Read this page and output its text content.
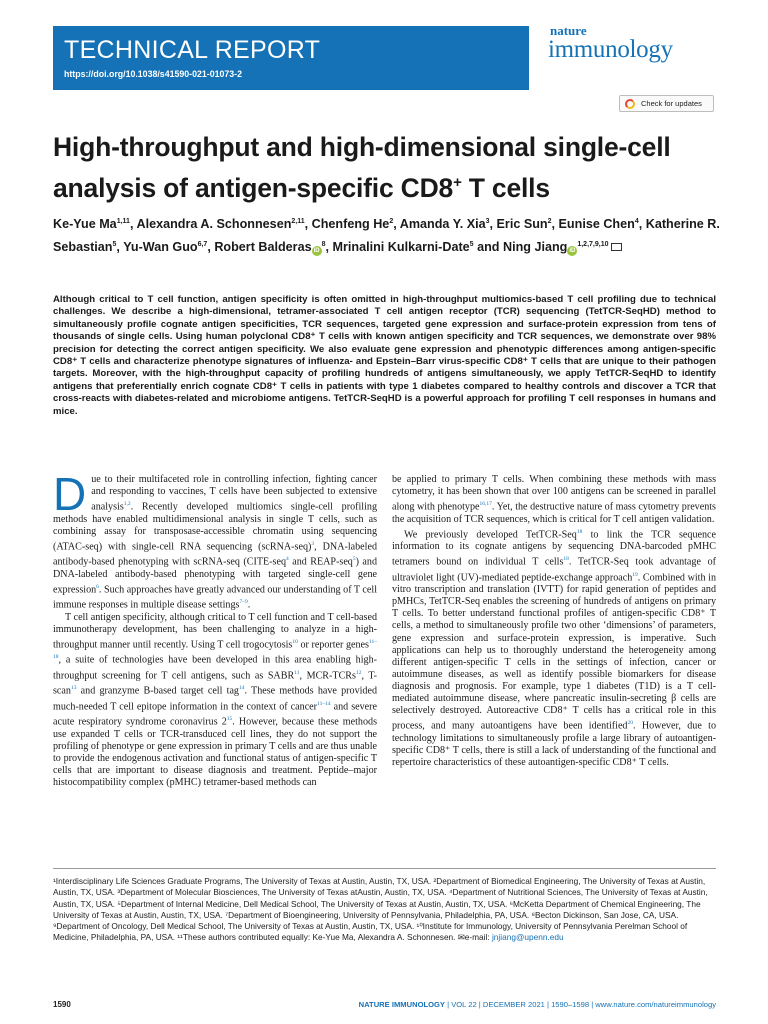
TECHNICAL REPORT
https://doi.org/10.1038/s41590-021-01073-2
nature
immunology
Check for updates
High-throughput and high-dimensional single-cell analysis of antigen-specific CD8+ T cells
Ke-Yue Ma$^{1,11}$, Alexandra A. Schonnesen$^{2,11}$, Chenfeng He$^2$, Amanda Y. Xia$^3$, Eric Sun$^2$, Eunise Chen$^4$, Katherine R. Sebastian$^5$, Yu-Wan Guo$^{6,7}$, Robert Balderas $iD^8$, Mrinalini Kulkarni-Date$^5$ and Ning Jiang iD$^{1,2,7,9,10}$
Although critical to T cell function, antigen specificity is often omitted in high-throughput multiomics-based T cell profiling due to technical challenges. We describe a high-dimensional, tetramer-associated T cell antigen receptor (TCR) sequencing (TetTCR-SeqHD) method to simultaneously profile cognate antigen specificities, TCR sequences, targeted gene expression and surface-protein expression from tens of thousands of single cells. Using human polyclonal CD8⁺ T cells with known antigen specificity and TCR sequences, we demonstrate over 98% precision for detecting the correct antigen specificity. We also evaluate gene expression and phenotypic differences among antigen-specific CD8⁺ T cells and characterize phenotype signatures of influenza- and Epstein–Barr virus-specific CD8⁺ T cells that are unique to their pathogen targets. Moreover, with the high-throughput capacity of profiling hundreds of antigens simultaneously, we apply TetTCR-SeqHD to identify antigens that preferentially enrich cognate CD8⁺ T cells in patients with type 1 diabetes compared to healthy controls and discover a TCR that cross-reacts with diabetes-related and microbiome antigens. TetTCR-SeqHD is a powerful approach for profiling T cell responses in humans and mice.

Due to their multifaceted role in controlling infection, fighting cancer and responding to vaccines, T cells have been subjected to extensive analysis$^{1,2}$. Recently developed multiomics single-cell profiling methods have enabled multidimensional analysis in single T cells, such as combining assay for transposase-accessible chromatin using sequencing (ATAC-seq) with single-cell RNA sequencing (scRNA-seq)$^3$, DNA-labeled antibody-based phenotyping with scRNA-seq (CITE-seq$^4$ and REAP-seq$^5$) and DNA-labeled antibody-based phenotyping with targeted single-cell gene expression$^6$. Such approaches have greatly advanced our understanding of T cell immune responses in multiple disease settings$^{7-9}$.

T cell antigen specificity, although critical to T cell function and T cell-based immunotherapy development, has been challenging to analyze in a high-throughput manner until recently. Using T cell trogocytosis$^{10}$ or reporter genes$^{11-18}$, a suite of technologies have been developed in this area enabling high-throughput screening for T cell antigens, such as SABR$^{11}$, MCR-TCRs$^{12}$, T-scan$^{13}$ and granzyme B-based target cell tag$^{14}$. These methods have provided much-needed T cell epitope information in the context of cancer$^{11-14}$ and severe acute respiratory syndrome coronavirus $2^{15}$. However, because these methods use expanded T cells or TCR-transduced cell lines, they do not support the profiling of phenotype or gene expression in primary T cells and are thus unable to provide the endogenous activation and functional status of antigen-specific T cells that are important to disease diagnosis and treatment. Peptide–major histocompatibility complex (pMHC) tetramer-based methods can

be applied to primary T cells. When combining these methods with mass cytometry, it has been shown that over 100 antigens can be screened in parallel along with phenotype$^{16,17}$. Yet, the destructive nature of mass cytometry prevents the acquisition of TCR sequences, which is critical for T cell antigen validation.

We previously developed TetTCR-Seq$^{18}$ to link the TCR sequence information to its cognate antigens by sequencing DNA-barcoded pMHC tetramers bound on individual T cells$^{18}$. TetTCR-Seq took advantage of ultraviolet light (UV)-mediated peptide-exchange approach$^{19}$. Combined with in vitro transcription and translation (IVTT) for rapid generation of peptides and pMHCs, TetTCR-Seq enables the screening of hundreds of antigens on primary T cells. To better understand functional profiles of antigen-specific CD8⁺ T cells, a method to simultaneously profile two other ‘dimensions’ of parameters, gene expression and surface-protein expression, is imperative. Such applications can help us to thoroughly understand the heterogeneity among different antigen-specific T cells in the settings of infection, cancer or autoimmune diseases, as well as identify possible biomarkers for disease diagnosis and prognosis. For example, type 1 diabetes (T1D) is a T cell-mediated autoimmune disease, where pancreatic insulin-secreting β cells are selectively destroyed. Autoreactive CD8⁺ T cells has a critical role in this process, and many autoantigens have been identified$^{20}$. However, due to technology limitations to simultaneously profile a large library of autoantigen-specific CD8⁺ T cells, there is still a lack of understanding of the functional and repertoire characteristics of these autoantigen-specific CD8⁺ T cells.

¹Interdisciplinary Life Sciences Graduate Programs, The University of Texas at Austin, Austin, TX, USA. ²Department of Biomedical Engineering, The University of Texas at Austin, Austin, TX, USA. ³Department of Molecular Biosciences, The University of Texas atAustin, Austin, TX, USA. ⁴Department of Nutritional Sciences, The University of Texas at Austin, Austin, TX, USA. ⁵Department of Internal Medicine, Dell Medical School, The University of Texas at Austin, Austin, TX, USA. ⁶McKetta Department of Chemical Engineering, The University of Texas at Austin, Austin, TX, USA. ⁷Department of Bioengineering, University of Pennsylvania, Philadelphia, PA, USA. ⁸Becton Dickinson, San Jose, CA, USA. ⁹Department of Oncology, Dell Medical School, The University of Texas at Austin, Austin, TX, USA. ¹⁰Institute for Immunology, University of Pennsylvania Perelman School of Medicine, Philadelphia, PA, USA. ¹¹These authors contributed equally: Ke-Yue Ma, Alexandra A. Schonnesen. ✉e-mail: jnjiang@upenn.edu
1590	NATURE IMMUNOLOGY | VOL 22 | DECEMBER 2021 | 1590–1598 | www.nature.com/natureimmunology
